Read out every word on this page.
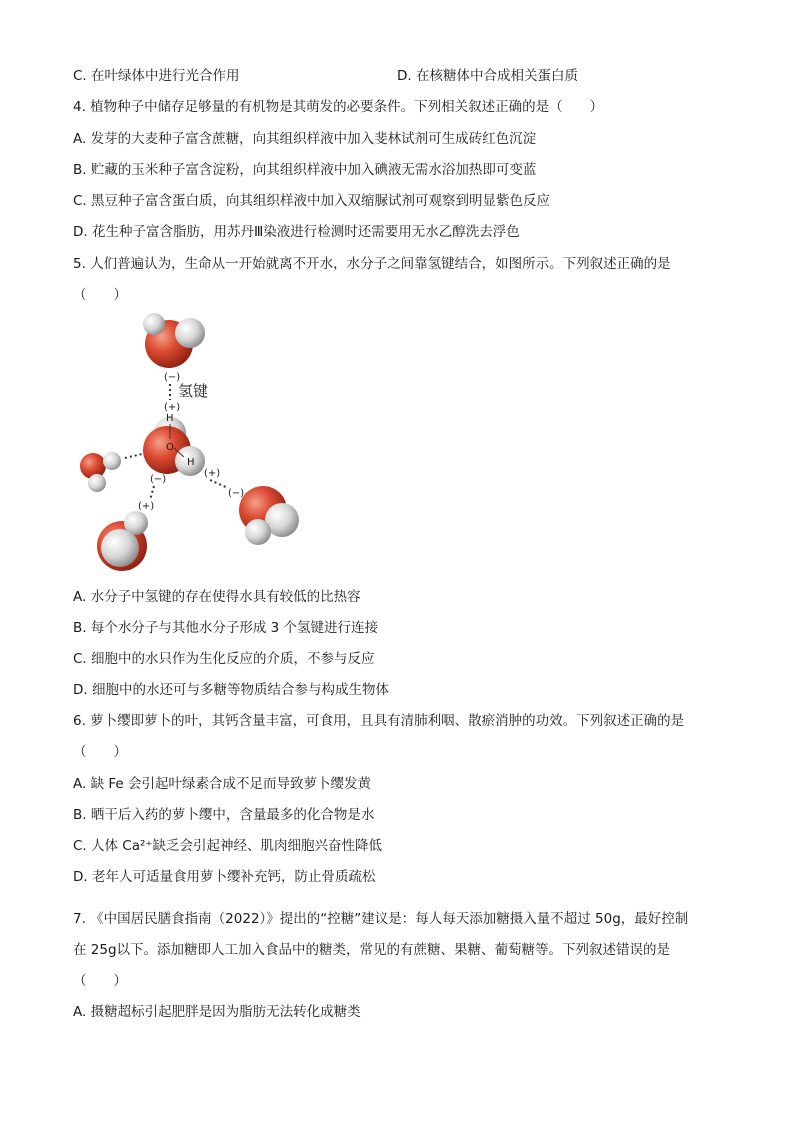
C. 在叶绿体中进行光合作用	D. 在核糖体中合成相关蛋白质
4. 植物种子中储存足够量的有机物是其萌发的必要条件。下列相关叙述正确的是（　　）
A. 发芽的大麦种子富含蔗糖，向其组织样液中加入斐林试剂可生成砖红色沉淀
B. 贮藏的玉米种子富含淀粉，向其组织样液中加入碘液无需水浴加热即可变蓝
C. 黑豆种子富含蛋白质，向其组织样液中加入双缩脲试剂可观察到明显紫色反应
D. 花生种子富含脂肪，用苏丹Ⅲ染液进行检测时还需要用无水乙醇洗去浮色
5. 人们普遍认为，生命从一开始就离不开水，水分子之间靠氢键结合，如图所示。下列叙述正确的是
（　　）
(−)
(+)
氢键
H
O
H
(−)
(+)
(+)
(−)
A. 水分子中氢键的存在使得水具有较低的比热容
B. 每个水分子与其他水分子形成 3 个氢键进行连接
C. 细胞中的水只作为生化反应的介质，不参与反应
D. 细胞中的水还可与多糖等物质结合参与构成生物体
6. 萝卜缨即萝卜的叶，其钙含量丰富，可食用，且具有清肺利咽、散瘀消肿的功效。下列叙述正确的是
（　　）
A. 缺 Fe 会引起叶绿素合成不足而导致萝卜缨发黄
B. 晒干后入药的萝卜缨中，含量最多的化合物是水
C. 人体 Ca²⁺缺乏会引起神经、肌肉细胞兴奋性降低
D. 老年人可适量食用萝卜缨补充钙，防止骨质疏松
7. 《中国居民膳食指南（2022）》提出的“控糖”建议是：每人每天添加糖摄入量不超过 50g，最好控制
在 25g以下。添加糖即人工加入食品中的糖类，常见的有蔗糖、果糖、葡萄糖等。下列叙述错误的是
（　　）
A. 摄糖超标引起肥胖是因为脂肪无法转化成糖类
